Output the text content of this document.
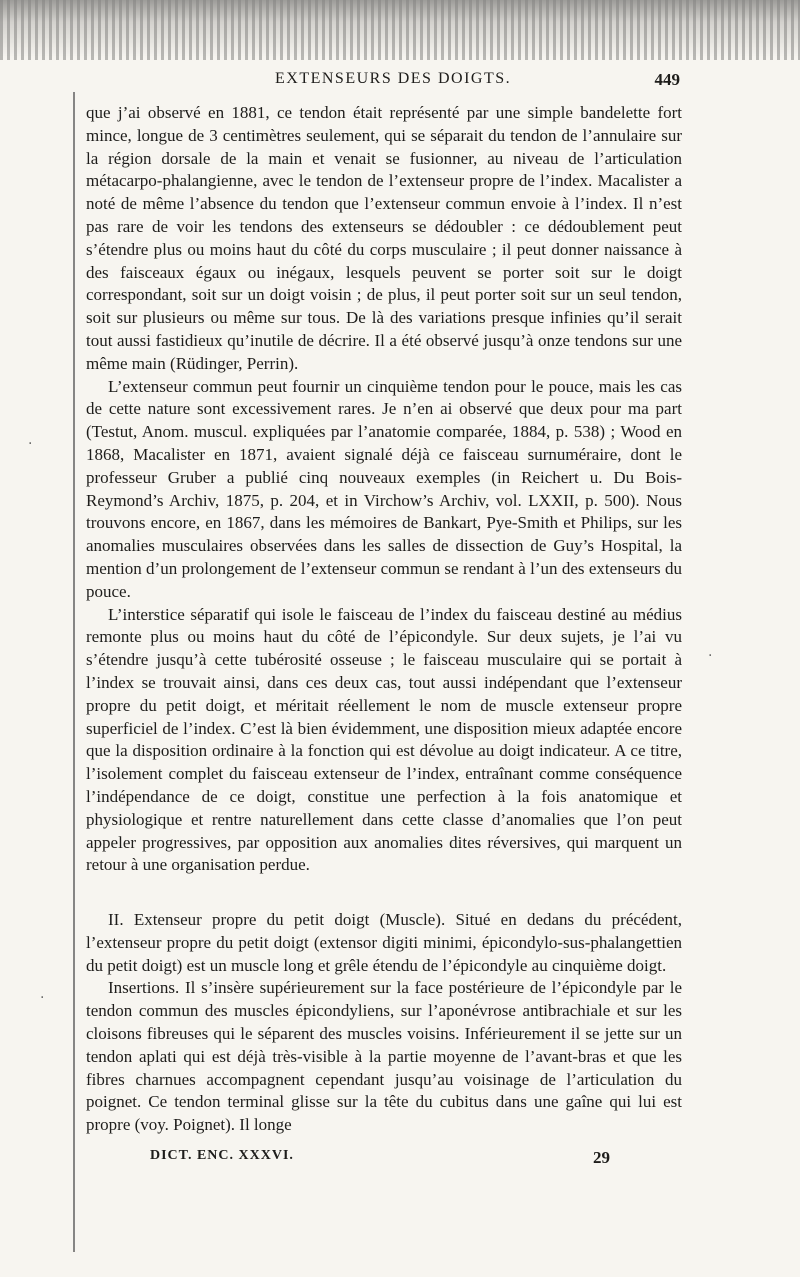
EXTENSEURS DES DOIGTS.	449

que j’ai observé en 1881, ce tendon était représenté par une simple bandelette fort mince, longue de 3 centimètres seulement, qui se séparait du tendon de l’annulaire sur la région dorsale de la main et venait se fusionner, au niveau de l’articulation métacarpo-phalangienne, avec le tendon de l’extenseur propre de l’index. Macalister a noté de même l’absence du tendon que l’extenseur commun envoie à l’index. Il n’est pas rare de voir les tendons des extenseurs se dédoubler : ce dédoublement peut s’étendre plus ou moins haut du côté du corps musculaire ; il peut donner naissance à des faisceaux égaux ou inégaux, lesquels peuvent se porter soit sur le doigt correspondant, soit sur un doigt voisin ; de plus, il peut porter soit sur un seul tendon, soit sur plusieurs ou même sur tous. De là des variations presque infinies qu’il serait tout aussi fastidieux qu’inutile de décrire. Il a été observé jusqu’à onze tendons sur une même main (Rüdinger, Perrin).

L’extenseur commun peut fournir un cinquième tendon pour le pouce, mais les cas de cette nature sont excessivement rares. Je n’en ai observé que deux pour ma part (Testut, Anom. muscul. expliquées par l’anatomie comparée, 1884, p. 538) ; Wood en 1868, Macalister en 1871, avaient signalé déjà ce faisceau surnuméraire, dont le professeur Gruber a publié cinq nouveaux exemples (in Reichert u. Du Bois-Reymond’s Archiv, 1875, p. 204, et in Virchow’s Archiv, vol. LXXII, p. 500). Nous trouvons encore, en 1867, dans les mémoires de Bankart, Pye-Smith et Philips, sur les anomalies musculaires observées dans les salles de dissection de Guy’s Hospital, la mention d’un prolongement de l’extenseur commun se rendant à l’un des extenseurs du pouce.

L’interstice séparatif qui isole le faisceau de l’index du faisceau destiné au médius remonte plus ou moins haut du côté de l’épicondyle. Sur deux sujets, je l’ai vu s’étendre jusqu’à cette tubérosité osseuse ; le faisceau musculaire qui se portait à l’index se trouvait ainsi, dans ces deux cas, tout aussi indépendant que l’extenseur propre du petit doigt, et méritait réellement le nom de muscle extenseur propre superficiel de l’index. C’est là bien évidemment, une disposition mieux adaptée encore que la disposition ordinaire à la fonction qui est dévolue au doigt indicateur. A ce titre, l’isolement complet du faisceau extenseur de l’index, entraînant comme conséquence l’indépendance de ce doigt, constitue une perfection à la fois anatomique et physiologique et rentre naturellement dans cette classe d’anomalies que l’on peut appeler progressives, par opposition aux anomalies dites réversives, qui marquent un retour à une organisation perdue.

II. Extenseur propre du petit doigt (Muscle). Situé en dedans du précédent, l’extenseur propre du petit doigt (extensor digiti minimi, épicondylo-sus-phalangettien du petit doigt) est un muscle long et grêle étendu de l’épicondyle au cinquième doigt.

Insertions. Il s’insère supérieurement sur la face postérieure de l’épicondyle par le tendon commun des muscles épicondyliens, sur l’aponévrose antibrachiale et sur les cloisons fibreuses qui le séparent des muscles voisins. Inférieurement il se jette sur un tendon aplati qui est déjà très-visible à la partie moyenne de l’avant-bras et que les fibres charnues accompagnent cependant jusqu’au voisinage de l’articulation du poignet. Ce tendon terminal glisse sur la tête du cubitus dans une gaîne qui lui est propre (voy. Poignet). Il longe

DICT. ENC. XXXVI.	29
·
·
·
